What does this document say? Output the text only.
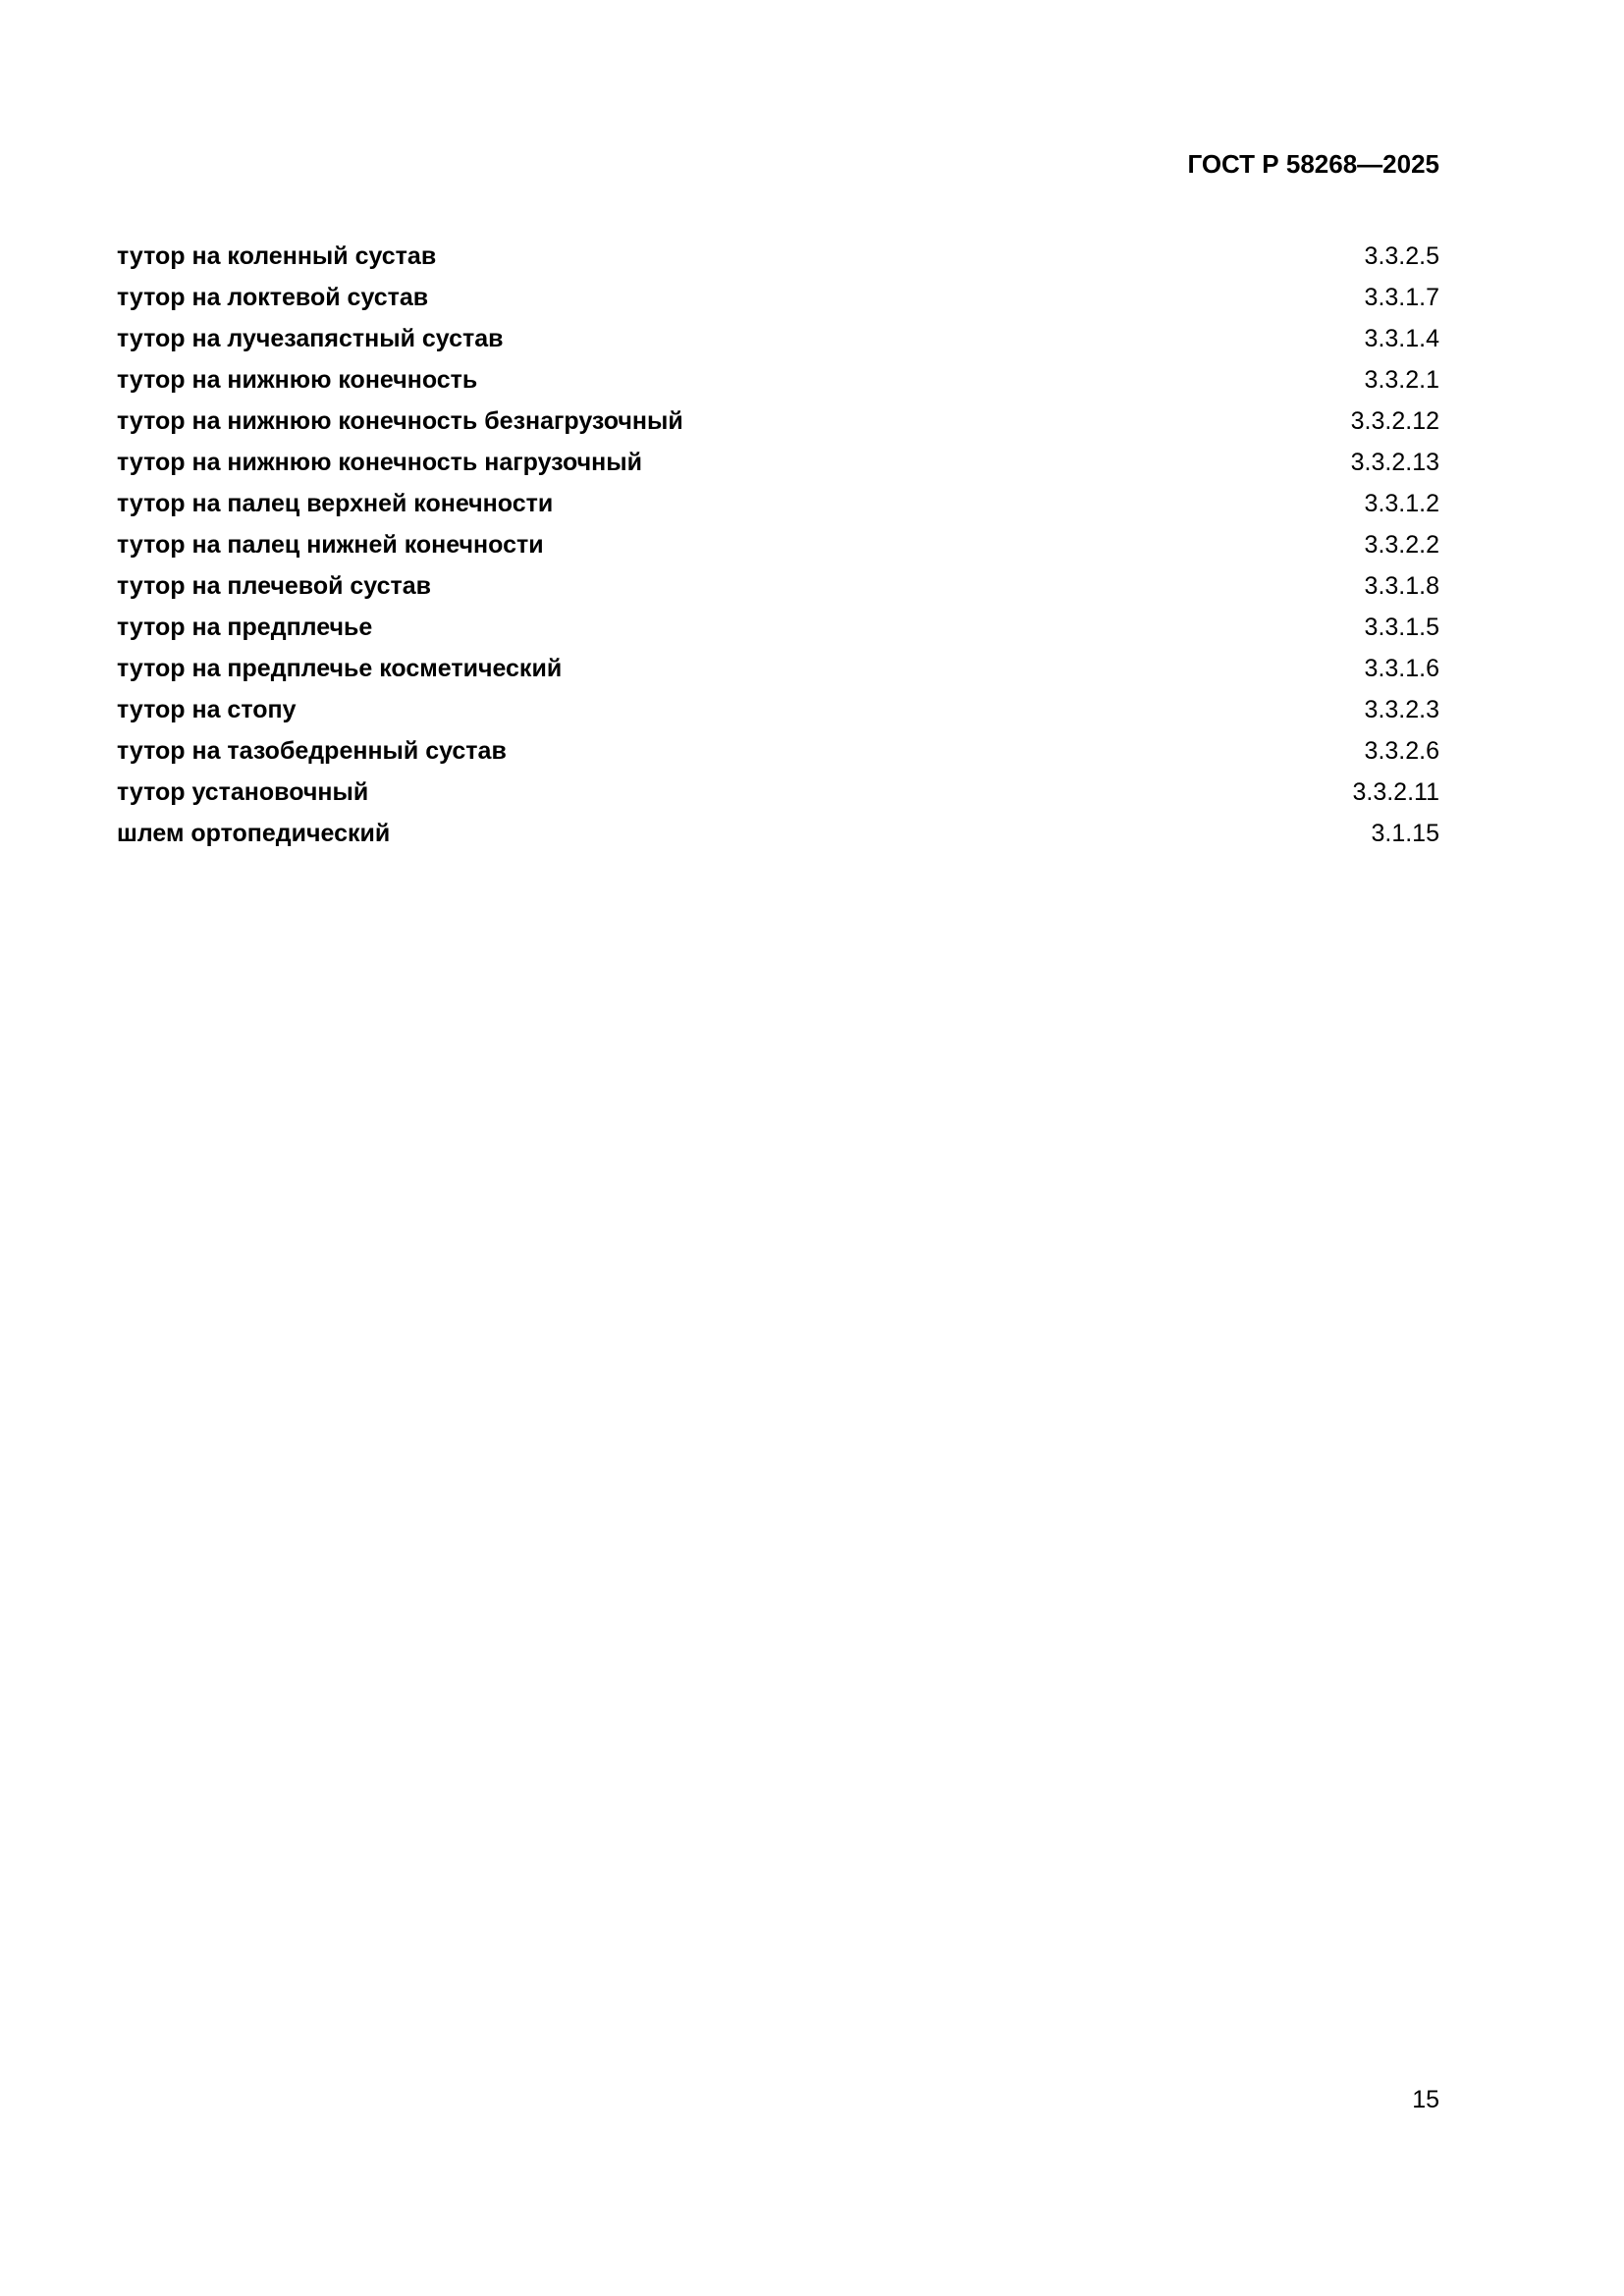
ГОСТ Р 58268—2025
тутор на коленный сустав	3.3.2.5
тутор на локтевой сустав	3.3.1.7
тутор на лучезапястный сустав	3.3.1.4
тутор на нижнюю конечность	3.3.2.1
тутор на нижнюю конечность безнагрузочный	3.3.2.12
тутор на нижнюю конечность нагрузочный	3.3.2.13
тутор на палец верхней конечности	3.3.1.2
тутор на палец нижней конечности	3.3.2.2
тутор на плечевой сустав	3.3.1.8
тутор на предплечье	3.3.1.5
тутор на предплечье косметический	3.3.1.6
тутор на стопу	3.3.2.3
тутор на тазобедренный сустав	3.3.2.6
тутор установочный	3.3.2.11
шлем ортопедический	3.1.15
15
